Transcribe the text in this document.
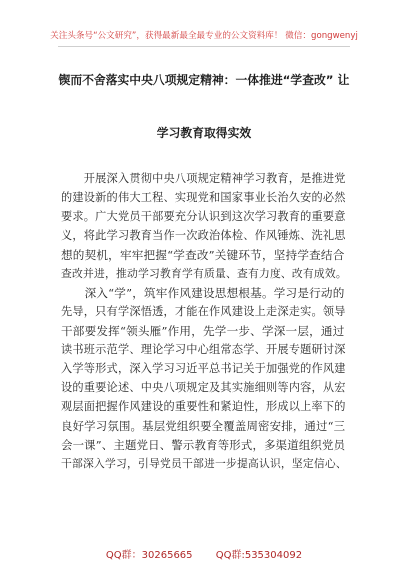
关注头条号“公文研究”，获得最新最全最专业的公文资料库！ 微信：gongwenyj
锲而不舍落实中央八项规定精神：一体推进“学查改” 让
学习教育取得实效
　　开展深入贯彻中央八项规定精神学习教育，是推进党
的建设新的伟大工程、实现党和国家事业长治久安的必然
要求。广大党员干部要充分认识到这次学习教育的重要意
义，将此学习教育当作一次政治体检、作风锤炼、洗礼思
想的契机，牢牢把握“学查改”关键环节，坚持学查结合
查改并进，推动学习教育学有质量、查有力度、改有成效。
　　深入“学”，筑牢作风建设思想根基。学习是行动的
先导，只有学深悟透，才能在作风建设上走深走实。领导
干部要发挥“领头雁”作用，先学一步、学深一层，通过
读书班示范学、理论学习中心组常态学、开展专题研讨深
入学等形式，深入学习习近平总书记关于加强党的作风建
设的重要论述、中央八项规定及其实施细则等内容，从宏
观层面把握作风建设的重要性和紧迫性，形成以上率下的
良好学习氛围。基层党组织要全覆盖周密安排，通过“三
会一课”、主题党日、警示教育等形式，多渠道组织党员
干部深入学习，引导党员干部进一步提高认识，坚定信心、
QQ群：30265665 QQ群:535304092
